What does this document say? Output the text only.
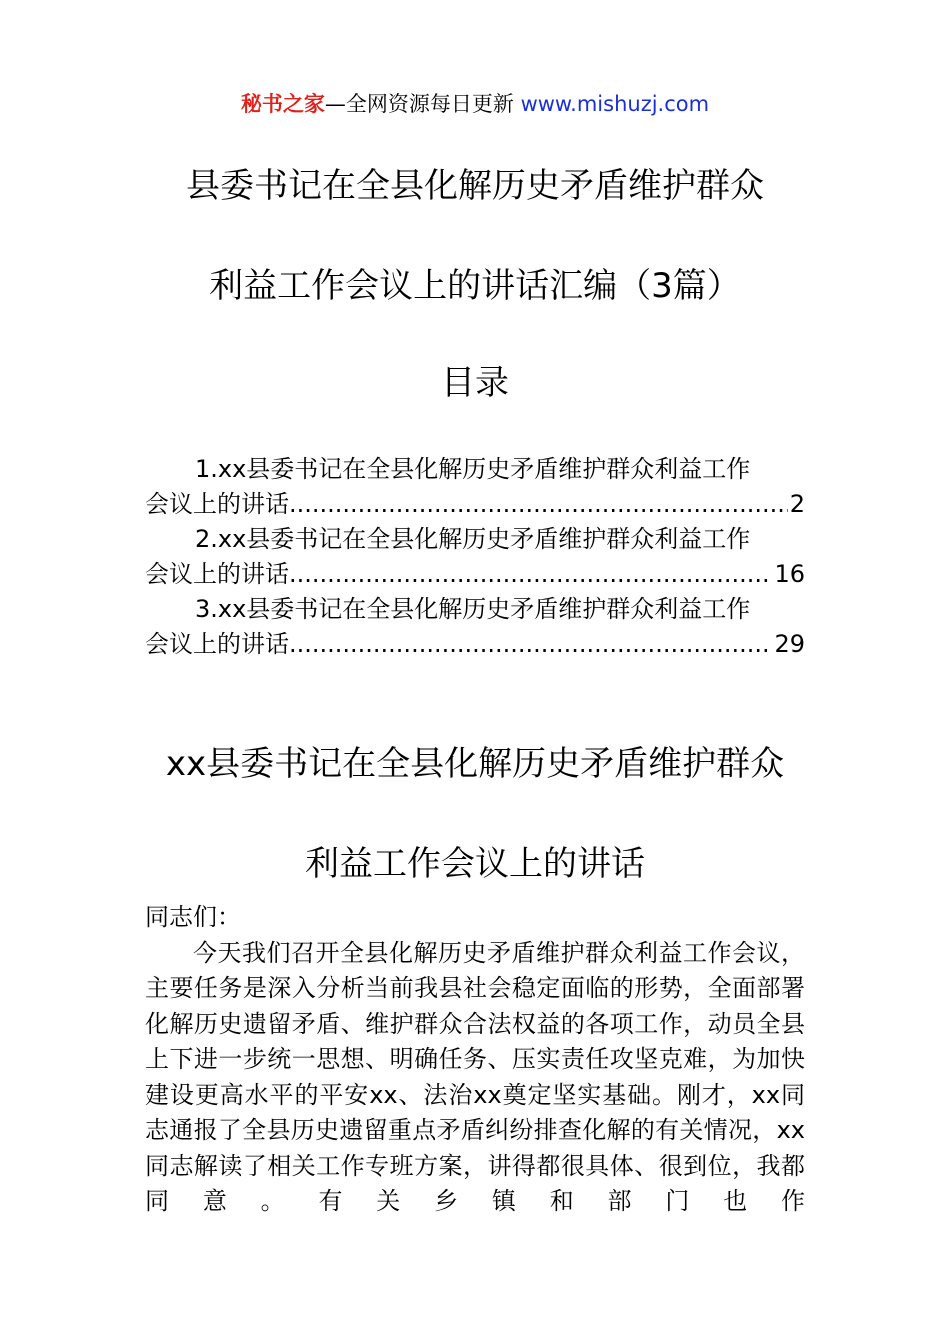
秘书之家—全网资源每日更新 www.mishuzj.com
县委书记在全县化解历史矛盾维护群众
利益工作会议上的讲话汇编（3篇）
目录
1.xx县委书记在全县化解历史矛盾维护群众利益工作
会议上的讲话 .....	2
2.xx县委书记在全县化解历史矛盾维护群众利益工作
会议上的讲话 .....	16
3.xx县委书记在全县化解历史矛盾维护群众利益工作
会议上的讲话 .....	29
xx县委书记在全县化解历史矛盾维护群众
利益工作会议上的讲话
同志们：

今天我们召开全县化解历史矛盾维护群众利益工作会议，主要任务是深入分析当前我县社会稳定面临的形势，全面部署化解历史遗留矛盾、维护群众合法权益的各项工作，动员全县上下进一步统一思想、明确任务、压实责任攻坚克难，为加快建设更高水平的平安xx、法治xx奠定坚实基础。刚才，xx同志通报了全县历史遗留重点矛盾纠纷排查化解的有关情况，xx同志解读了相关工作专班方案，讲得都很具体、很到位，我都同意。有关乡镇和部门也作
